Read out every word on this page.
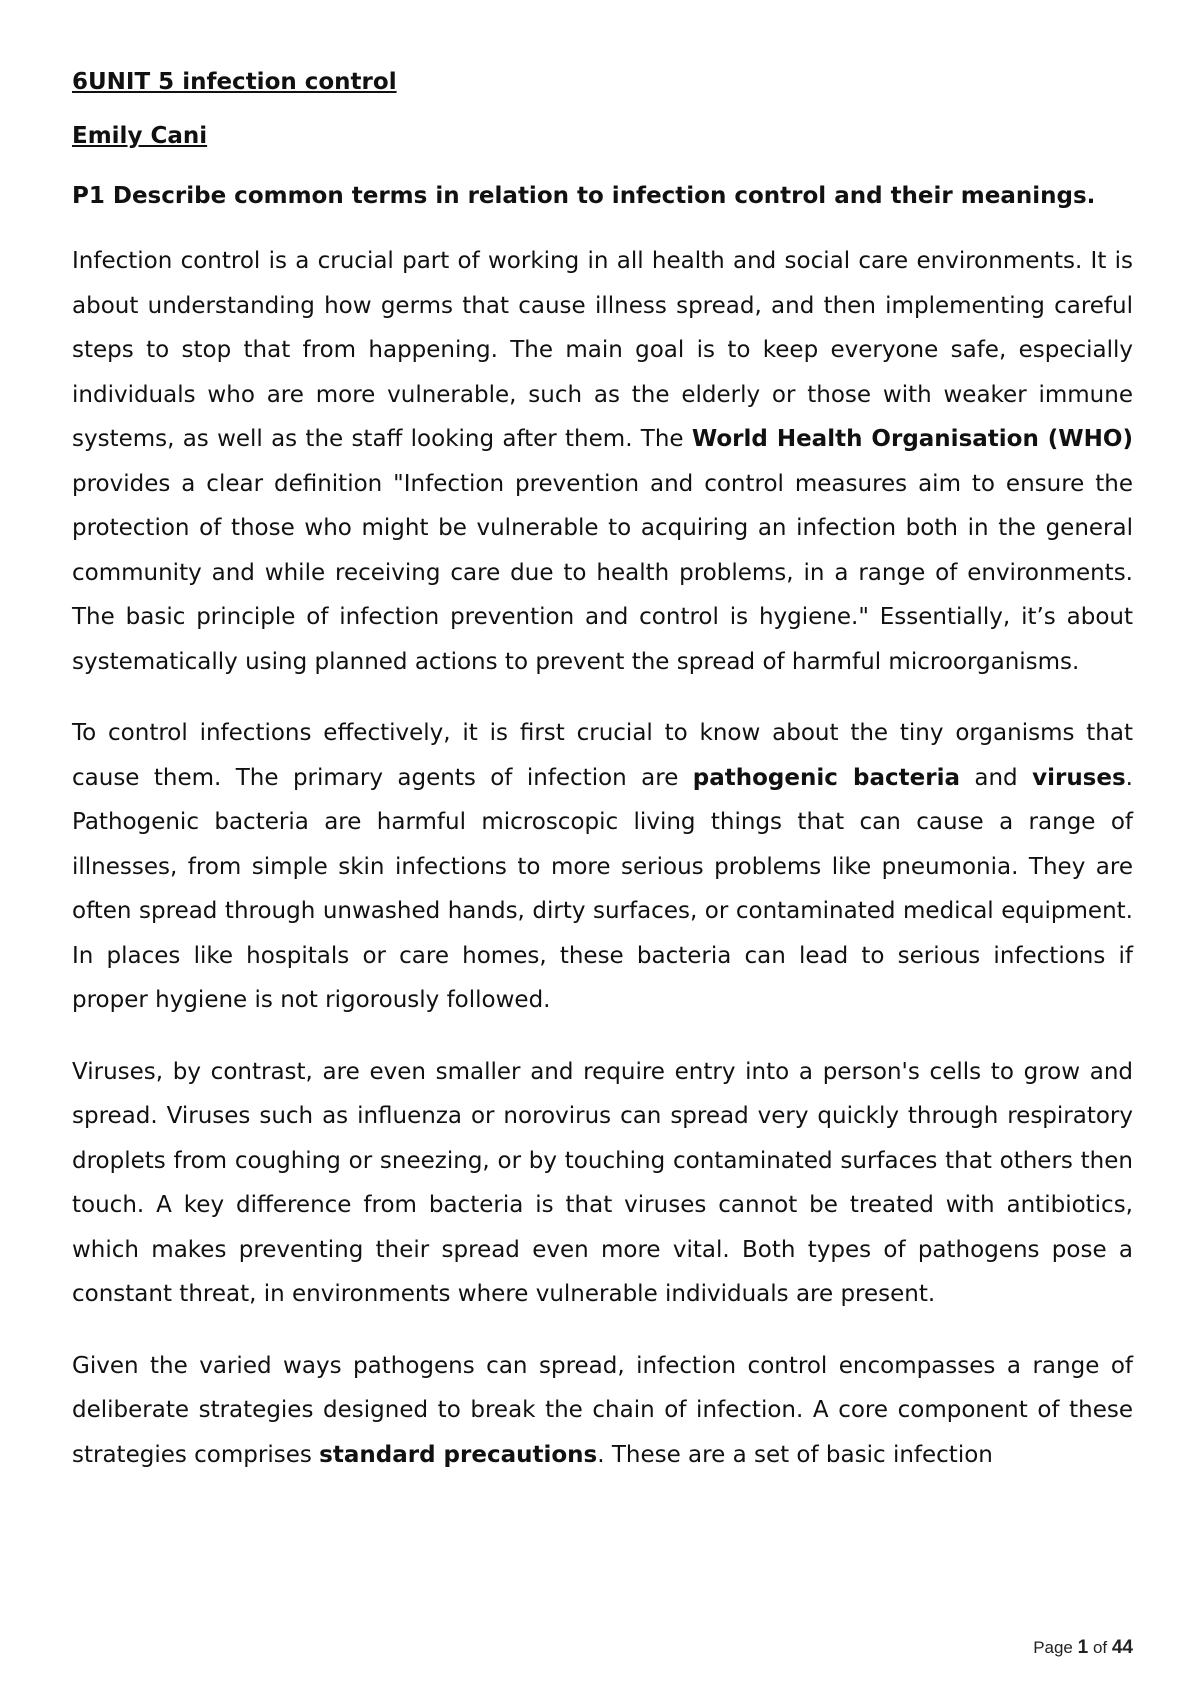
6UNIT 5 infection control
Emily Cani
P1 Describe common terms in relation to infection control and their meanings.

Infection control is a crucial part of working in all health and social care environments. It is about understanding how germs that cause illness spread, and then implementing careful steps to stop that from happening. The main goal is to keep everyone safe, especially individuals who are more vulnerable, such as the elderly or those with weaker immune systems, as well as the staff looking after them. The World Health Organisation (WHO) provides a clear definition "Infection prevention and control measures aim to ensure the protection of those who might be vulnerable to acquiring an infection both in the general community and while receiving care due to health problems, in a range of environments. The basic principle of infection prevention and control is hygiene." Essentially, it’s about systematically using planned actions to prevent the spread of harmful microorganisms.

To control infections effectively, it is first crucial to know about the tiny organisms that cause them. The primary agents of infection are pathogenic bacteria and viruses. Pathogenic bacteria are harmful microscopic living things that can cause a range of illnesses, from simple skin infections to more serious problems like pneumonia. They are often spread through unwashed hands, dirty surfaces, or contaminated medical equipment. In places like hospitals or care homes, these bacteria can lead to serious infections if proper hygiene is not rigorously followed.

Viruses, by contrast, are even smaller and require entry into a person's cells to grow and spread. Viruses such as influenza or norovirus can spread very quickly through respiratory droplets from coughing or sneezing, or by touching contaminated surfaces that others then touch. A key difference from bacteria is that viruses cannot be treated with antibiotics, which makes preventing their spread even more vital. Both types of pathogens pose a constant threat, in environments where vulnerable individuals are present.

Given the varied ways pathogens can spread, infection control encompasses a range of deliberate strategies designed to break the chain of infection. A core component of these strategies comprises standard precautions. These are a set of basic infection

Page 1 of 44
